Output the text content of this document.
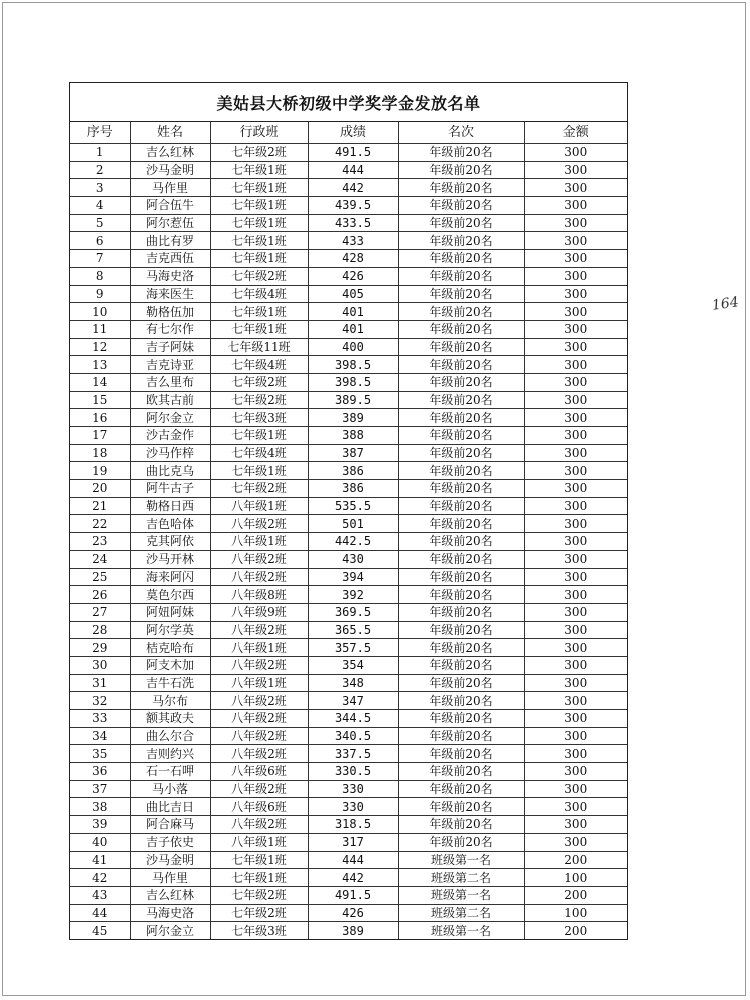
美姑县大桥初级中学奖学金发放名单
序号	姓名	行政班	成绩	名次	金额
1	吉么红林	七年级2班	491.5	年级前20名	300
2	沙马金明	七年级1班	444	年级前20名	300
3	马作里	七年级1班	442	年级前20名	300
4	阿合伍牛	七年级1班	439.5	年级前20名	300
5	阿尔惹伍	七年级1班	433.5	年级前20名	300
6	曲比有罗	七年级1班	433	年级前20名	300
7	吉克西伍	七年级1班	428	年级前20名	300
8	马海史洛	七年级2班	426	年级前20名	300
9	海来医生	七年级4班	405	年级前20名	300
10	勒格伍加	七年级1班	401	年级前20名	300
11	有七尔作	七年级1班	401	年级前20名	300
12	吉子阿妹	七年级11班	400	年级前20名	300
13	吉克诗亚	七年级4班	398.5	年级前20名	300
14	吉么里布	七年级2班	398.5	年级前20名	300
15	欧其古前	七年级2班	389.5	年级前20名	300
16	阿尔金立	七年级3班	389	年级前20名	300
17	沙古金作	七年级1班	388	年级前20名	300
18	沙马作梓	七年级4班	387	年级前20名	300
19	曲比克乌	七年级1班	386	年级前20名	300
20	阿牛古子	七年级2班	386	年级前20名	300
21	勒格日西	八年级1班	535.5	年级前20名	300
22	吉色哈体	八年级2班	501	年级前20名	300
23	克其阿依	八年级1班	442.5	年级前20名	300
24	沙马开林	八年级2班	430	年级前20名	300
25	海来阿闪	八年级2班	394	年级前20名	300
26	莫色尔西	八年级8班	392	年级前20名	300
27	阿妞阿妹	八年级9班	369.5	年级前20名	300
28	阿尔学英	八年级2班	365.5	年级前20名	300
29	桔克哈布	八年级1班	357.5	年级前20名	300
30	阿支木加	八年级2班	354	年级前20名	300
31	吉牛石洗	八年级1班	348	年级前20名	300
32	马尔布	八年级2班	347	年级前20名	300
33	额其政夫	八年级2班	344.5	年级前20名	300
34	曲么尔合	八年级2班	340.5	年级前20名	300
35	吉则约兴	八年级2班	337.5	年级前20名	300
36	石一石呷	八年级6班	330.5	年级前20名	300
37	马小落	八年级2班	330	年级前20名	300
38	曲比吉日	八年级6班	330	年级前20名	300
39	阿合麻马	八年级2班	318.5	年级前20名	300
40	吉子依史	八年级1班	317	年级前20名	300
41	沙马金明	七年级1班	444	班级第一名	200
42	马作里	七年级1班	442	班级第二名	100
43	吉么红林	七年级2班	491.5	班级第一名	200
44	马海史洛	七年级2班	426	班级第二名	100
45	阿尔金立	七年级3班	389	班级第一名	200
164
